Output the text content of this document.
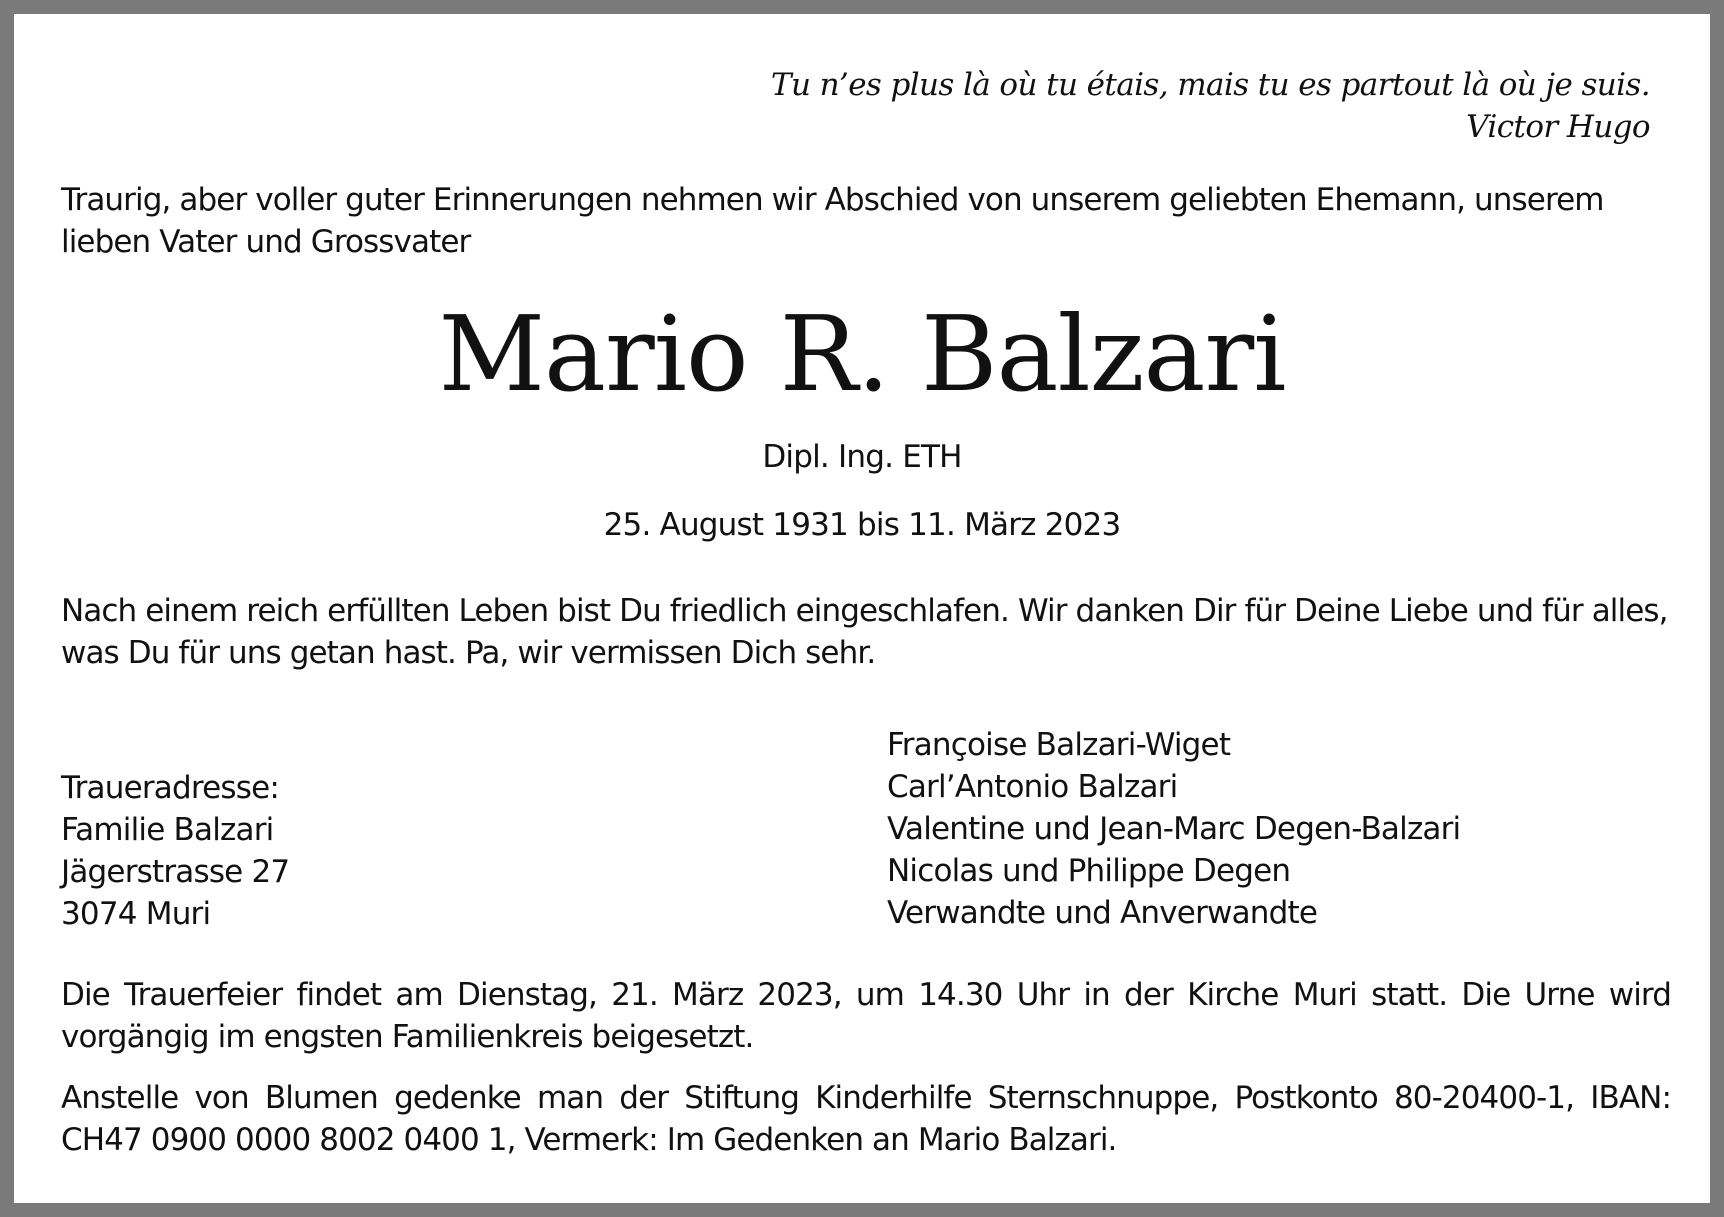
Tu n’es plus là où tu étais, mais tu es partout là où je suis.
Victor Hugo
Traurig, aber voller guter Erinnerungen nehmen wir Abschied von unserem geliebten Ehemann, unserem lieben Vater und Grossvater
Mario R. Balzari
Dipl. Ing. ETH
25. August 1931 bis 11. März 2023
Nach einem reich erfüllten Leben bist Du friedlich eingeschlafen. Wir danken Dir für Deine Liebe und für alles, was Du für uns getan hast. Pa, wir vermissen Dich sehr.
Traueradresse:
Familie Balzari
Jägerstrasse 27
3074 Muri
Françoise Balzari-Wiget
Carl’Antonio Balzari
Valentine und Jean-Marc Degen-Balzari
Nicolas und Philippe Degen
Verwandte und Anverwandte
Die Trauerfeier findet am Dienstag, 21. März 2023, um 14.30 Uhr in der Kirche Muri statt. Die Urne wird vorgängig im engsten Familienkreis beigesetzt.
Anstelle von Blumen gedenke man der Stiftung Kinderhilfe Sternschnuppe, Postkonto 80-20400-1, IBAN: CH47 0900 0000 8002 0400 1, Vermerk: Im Gedenken an Mario Balzari.
